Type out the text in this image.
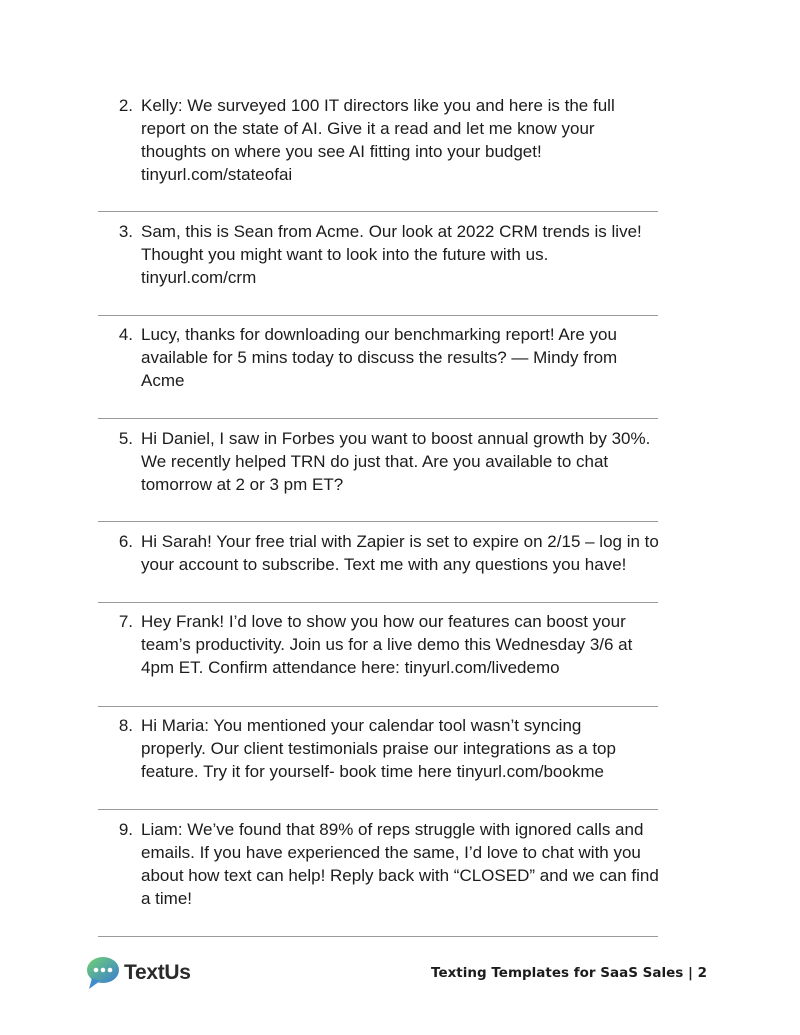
2. Kelly: We surveyed 100 IT directors like you and here is the full
report on the state of AI. Give it a read and let me know your
thoughts on where you see AI fitting into your budget!
tinyurl.com/stateofai
3. Sam, this is Sean from Acme. Our look at 2022 CRM trends is live!
Thought you might want to look into the future with us.
tinyurl.com/crm
4. Lucy, thanks for downloading our benchmarking report! Are you
available for 5 mins today to discuss the results? — Mindy from
Acme
5. Hi Daniel, I saw in Forbes you want to boost annual growth by 30%.
We recently helped TRN do just that. Are you available to chat
tomorrow at 2 or 3 pm ET?
6. Hi Sarah! Your free trial with Zapier is set to expire on 2/15 – log in to
your account to subscribe. Text me with any questions you have!
7. Hey Frank! I’d love to show you how our features can boost your
team’s productivity. Join us for a live demo this Wednesday 3/6 at
4pm ET. Confirm attendance here: tinyurl.com/livedemo
8. Hi Maria: You mentioned your calendar tool wasn’t syncing
properly. Our client testimonials praise our integrations as a top
feature. Try it for yourself- book time here tinyurl.com/bookme
9. Liam: We’ve found that 89% of reps struggle with ignored calls and
emails. If you have experienced the same, I’d love to chat with you
about how text can help! Reply back with “CLOSED” and we can find
a time!
TextUs	Texting Templates for SaaS Sales | 2
